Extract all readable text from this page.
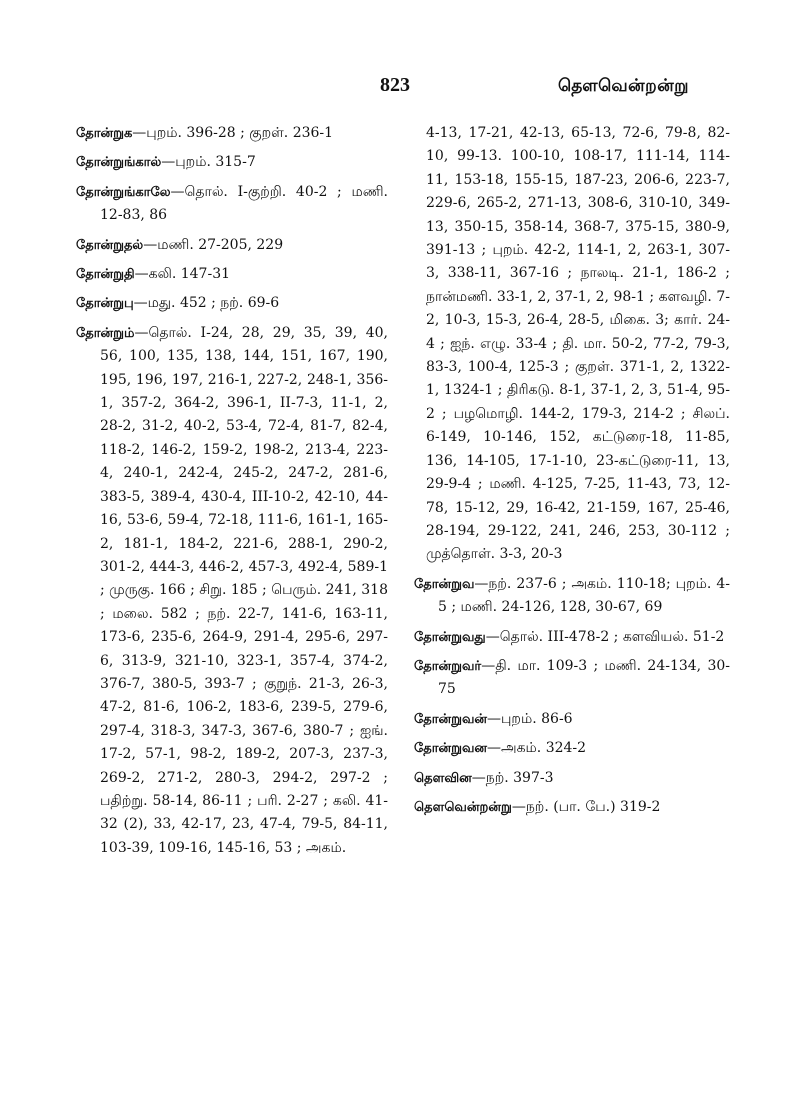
823	தௌவென்றன்று

தோன்றுக—புறம். 396-28 ; குறள். 236-1

தோன்றுங்கால்—புறம். 315-7

தோன்றுங்காலே—தொல். I-குற்றி. 40-2 ; மணி. 12-83, 86

தோன்றுதல்—மணி. 27-205, 229

தோன்றுதி—கலி. 147-31

தோன்றுபு—மது. 452 ; நற். 69-6

தோன்றும்—தொல். I-24, 28, 29, 35, 39, 40, 56, 100, 135, 138, 144, 151, 167, 190, 195, 196, 197, 216-1, 227-2, 248-1, 356-1, 357-2, 364-2, 396-1, II-7-3, 11-1, 2, 28-2, 31-2, 40-2, 53-4, 72-4, 81-7, 82-4, 118-2, 146-2, 159-2, 198-2, 213-4, 223-4, 240-1, 242-4, 245-2, 247-2, 281-6, 383-5, 389-4, 430-4, III-10-2, 42-10, 44-16, 53-6, 59-4, 72-18, 111-6, 161-1, 165-2, 181-1, 184-2, 221-6, 288-1, 290-2, 301-2, 444-3, 446-2, 457-3, 492-4, 589-1 ; முருகு. 166 ; சிறு. 185 ; பெரும். 241, 318 ; மலை. 582 ; நற். 22-7, 141-6, 163-11, 173-6, 235-6, 264-9, 291-4, 295-6, 297-6, 313-9, 321-10, 323-1, 357-4, 374-2, 376-7, 380-5, 393-7 ; குறுந். 21-3, 26-3, 47-2, 81-6, 106-2, 183-6, 239-5, 279-6, 297-4, 318-3, 347-3, 367-6, 380-7 ; ஐங். 17-2, 57-1, 98-2, 189-2, 207-3, 237-3, 269-2, 271-2, 280-3, 294-2, 297-2 ; பதிற்று. 58-14, 86-11 ; பரி. 2-27 ; கலி. 41-32 (2), 33, 42-17, 23, 47-4, 79-5, 84-11, 103-39, 109-16, 145-16, 53 ; அகம்.

4-13, 17-21, 42-13, 65-13, 72-6, 79-8, 82-10, 99-13. 100-10, 108-17, 111-14, 114-11, 153-18, 155-15, 187-23, 206-6, 223-7, 229-6, 265-2, 271-13, 308-6, 310-10, 349-13, 350-15, 358-14, 368-7, 375-15, 380-9, 391-13 ; புறம். 42-2, 114-1, 2, 263-1, 307-3, 338-11, 367-16 ; நாலடி. 21-1, 186-2 ; நான்மணி. 33-1, 2, 37-1, 2, 98-1 ; களவழி. 7-2, 10-3, 15-3, 26-4, 28-5, மிகை. 3; கார். 24-4 ; ஐந். எழு. 33-4 ; தி. மா. 50-2, 77-2, 79-3, 83-3, 100-4, 125-3 ; குறள். 371-1, 2, 1322-1, 1324-1 ; திரிகடு. 8-1, 37-1, 2, 3, 51-4, 95-2 ; பழமொழி. 144-2, 179-3, 214-2 ; சிலப். 6-149, 10-146, 152, கட்டுரை-18, 11-85, 136, 14-105, 17-1-10, 23-கட்டுரை-11, 13, 29-9-4 ; மணி. 4-125, 7-25, 11-43, 73, 12-78, 15-12, 29, 16-42, 21-159, 167, 25-46, 28-194, 29-122, 241, 246, 253, 30-112 ; முத்தொள். 3-3, 20-3

தோன்றுவ—நற். 237-6 ; அகம். 110-18; புறம். 4-5 ; மணி. 24-126, 128, 30-67, 69

தோன்றுவது—தொல். III-478-2 ; களவியல். 51-2

தோன்றுவர்—தி. மா. 109-3 ; மணி. 24-134, 30-75

தோன்றுவன்—புறம். 86-6

தோன்றுவன—அகம். 324-2

தௌவின—நற். 397-3

தௌவென்றன்று—நற். (பா. பே.) 319-2
